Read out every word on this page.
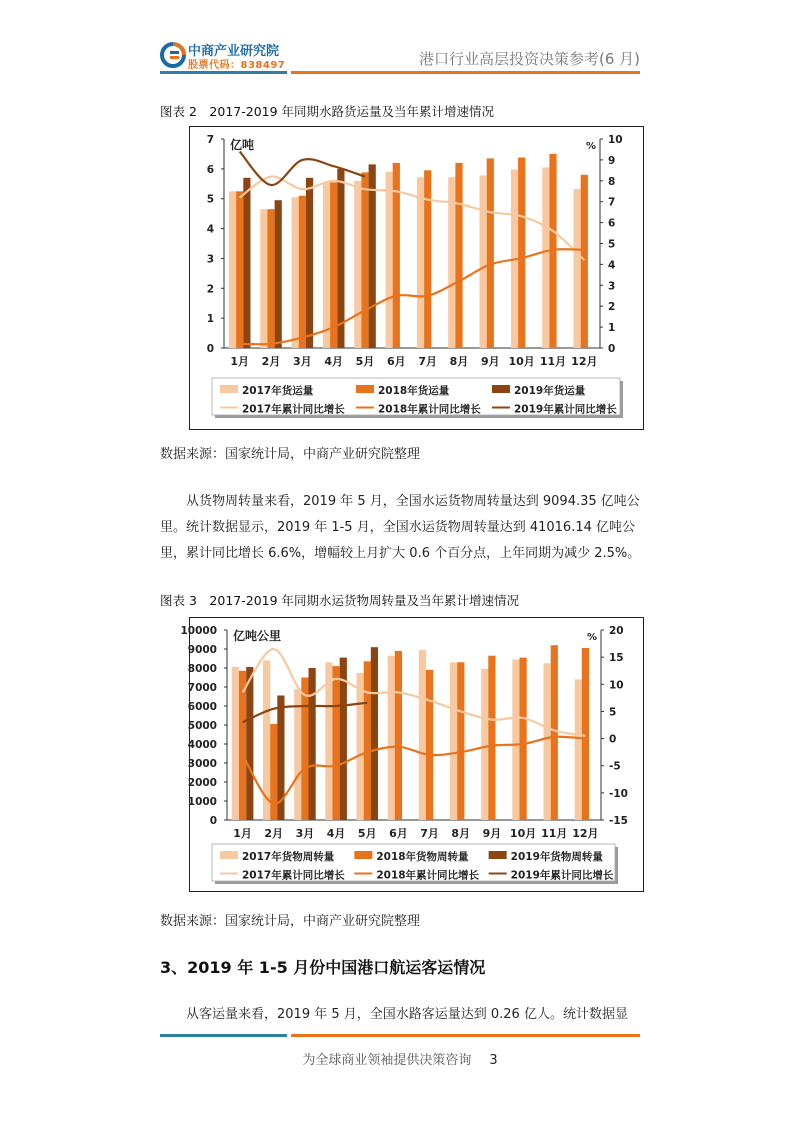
中商产业研究院
股票代码：838497	港口行业高层投资决策参考(6 月)
图表 2　2017-2019 年同期水路货运量及当年累计增速情况
0
1
2
3
4
5
6
7
0
1
2
3
4
5
6
7
8
9
10
亿吨	%
1月 2月 3月 4月 5月 6月 7月 8月 9月 10月 11月 12月
2017年货运量	2018年货运量	2019年货运量
2017年累计同比增长	2018年累计同比增长	2019年累计同比增长
数据来源：国家统计局，中商产业研究院整理
从货物周转量来看，2019 年 5 月，全国水运货物周转量达到 9094.35 亿吨公
里。统计数据显示，2019 年 1-5 月，全国水运货物周转量达到 41016.14 亿吨公
里，累计同比增长 6.6%，增幅较上月扩大 0.6 个百分点，上年同期为减少 2.5%。
图表 3　2017-2019 年同期水运货物周转量及当年累计增速情况
0
1000
2000
3000
4000
5000
6000
7000
8000
9000
10000
-15
-10
-5
0
5
10
15
20
亿吨公里	%
1月 2月 3月 4月 5月 6月 7月 8月 9月 10月 11月 12月
2017年货物周转量	2018年货物周转量	2019年货物周转量
2017年累计同比增长	2018年累计同比增长	2019年累计同比增长
数据来源：国家统计局，中商产业研究院整理
3、2019 年 1-5 月份中国港口航运客运情况
从客运量来看，2019 年 5 月，全国水路客运量达到 0.26 亿人。统计数据显
为全球商业领袖提供决策咨询 3
